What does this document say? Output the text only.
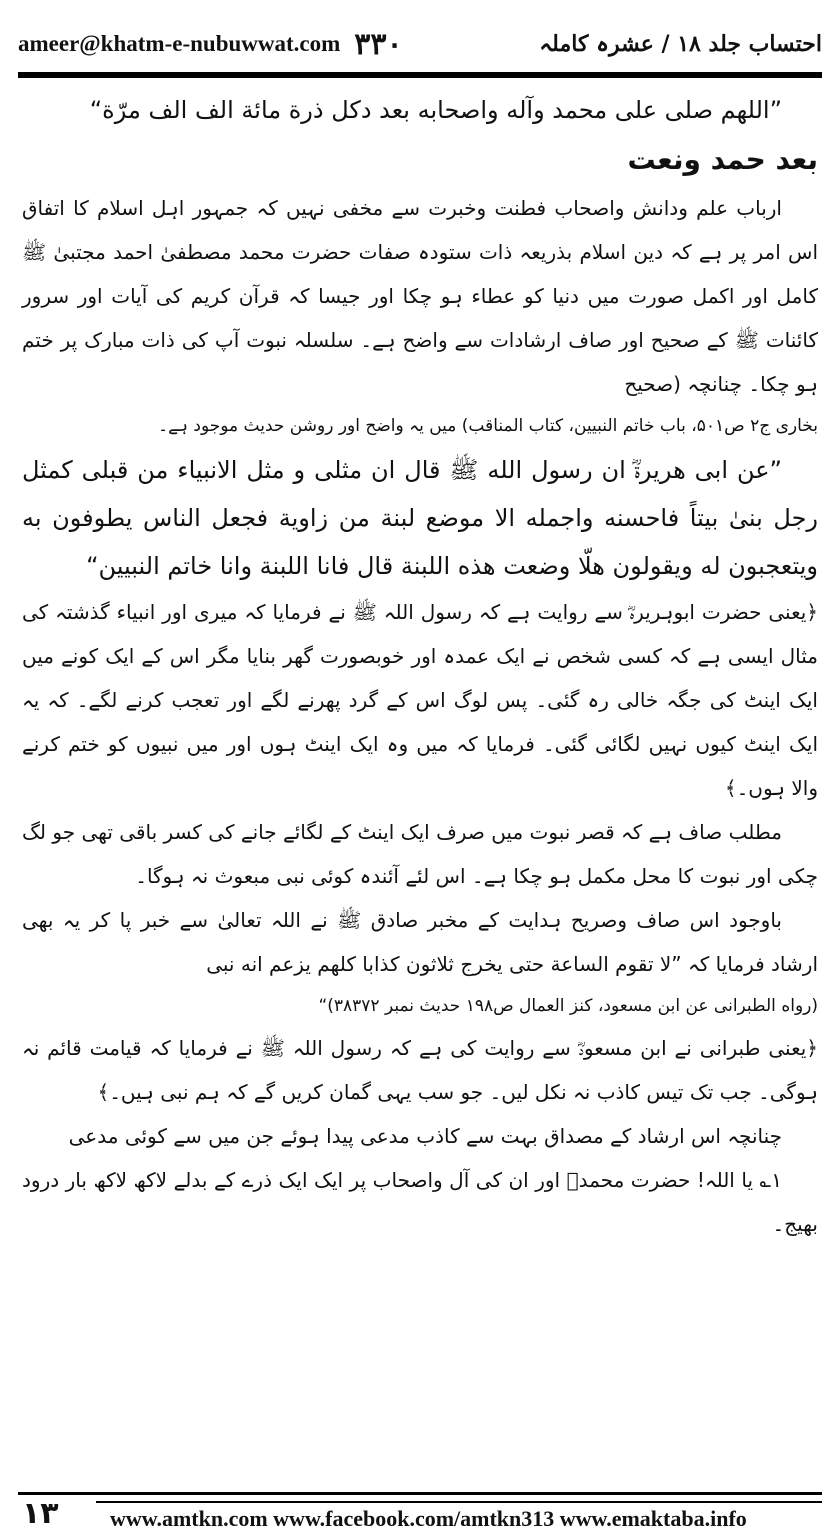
ameer@khatm-e-nubuwwat.com ۳۳۰	احتساب جلد ۱۸ / عشرہ کاملہ

”اللهم صلى على محمد وآله واصحابه بعد دكل ذرة مائة الف الف مرّة“

بعد حمد ونعت

ارباب علم ودانش واصحاب فطنت وخبرت سے مخفی نہیں کہ جمہور اہل اسلام کا اتفاق اس امر پر ہے کہ دین اسلام بذریعہ ذات ستودہ صفات حضرت محمد مصطفیٰ احمد مجتبیٰ ﷺ کامل اور اکمل صورت میں دنیا کو عطاء ہو چکا اور جیسا کہ قرآن کریم کی آیات اور سرور کائنات ﷺ کے صحیح اور صاف ارشادات سے واضح ہے۔ سلسلہ نبوت آپ کی ذات مبارک پر ختم ہو چکا۔ چنانچہ (صحیح

بخاری ج۲ ص۵۰۱، باب خاتم النبیین، کتاب المناقب) میں یہ واضح اور روشن حدیث موجود ہے۔

”عن ابی هريرةؓ ان رسول الله ﷺ قال ان مثلی و مثل الانبياء من قبلی كمثل رجل بنیٰ بيتاً فاحسنه واجمله الا موضع لبنة من زاوية فجعل الناس يطوفون به ويتعجبون له ويقولون هلّا وضعت هذه اللبنة قال فانا اللبنة وانا خاتم النبيين“

﴿یعنی حضرت ابوہریرہؓ سے روایت ہے کہ رسول اللہ ﷺ نے فرمایا کہ میری اور انبیاء گذشتہ کی مثال ایسی ہے کہ کسی شخص نے ایک عمدہ اور خوبصورت گھر بنایا مگر اس کے ایک کونے میں ایک اینٹ کی جگہ خالی رہ گئی۔ پس لوگ اس کے گرد پھرنے لگے اور تعجب کرنے لگے۔ کہ یہ ایک اینٹ کیوں نہیں لگائی گئی۔ فرمایا کہ میں وہ ایک اینٹ ہوں اور میں نبیوں کو ختم کرنے والا ہوں۔﴾

مطلب صاف ہے کہ قصر نبوت میں صرف ایک اینٹ کے لگائے جانے کی کسر باقی تھی جو لگ چکی اور نبوت کا محل مکمل ہو چکا ہے۔ اس لئے آئندہ کوئی نبی مبعوث نہ ہوگا۔

باوجود اس صاف وصریح ہدایت کے مخبر صادق ﷺ نے اللہ تعالیٰ سے خبر پا کر یہ بھی ارشاد فرمایا کہ ”لا تقوم الساعة حتى يخرج ثلاثون كذابا كلهم يزعم انه نبی

(رواه الطبرانی عن ابن مسعود، كنز العمال ص۱۹۸ حديث نمبر ۳۸۳۷۲)“

﴿یعنی طبرانی نے ابن مسعودؓ سے روایت کی ہے کہ رسول اللہ ﷺ نے فرمایا کہ قیامت قائم نہ ہوگی۔ جب تک تیس کاذب نہ نکل لیں۔ جو سب یہی گمان کریں گے کہ ہم نبی ہیں۔﴾

چنانچہ اس ارشاد کے مصداق بہت سے کاذب مدعی پیدا ہوئے جن میں سے کوئی مدعی

۱؎ یا اللہ! حضرت محمدؐ اور ان کی آل واصحاب پر ایک ایک ذرے کے بدلے لاکھ لاکھ بار درود بھیج۔

۱۳ www.amtkn.com www.facebook.com/amtkn313 www.emaktaba.info
